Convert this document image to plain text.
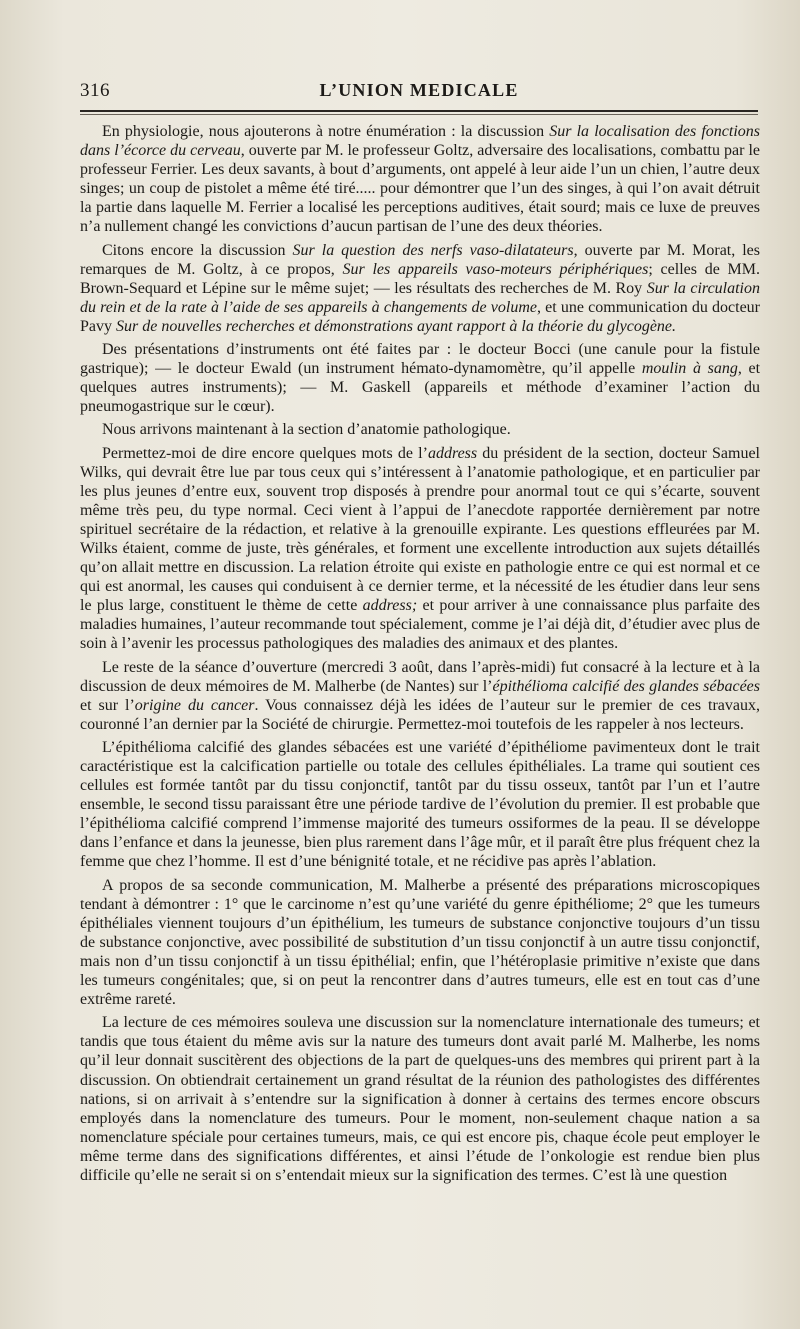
316	L’UNION MEDICALE

En physiologie, nous ajouterons à notre énumération : la discussion Sur la localisation des fonctions dans l’écorce du cerveau, ouverte par M. le professeur Goltz, adversaire des localisations, combattu par le professeur Ferrier. Les deux savants, à bout d’arguments, ont appelé à leur aide l’un un chien, l’autre deux singes; un coup de pistolet a même été tiré..... pour démontrer que l’un des singes, à qui l’on avait détruit la partie dans laquelle M. Ferrier a localisé les perceptions auditives, était sourd; mais ce luxe de preuves n’a nullement changé les convictions d’aucun partisan de l’une des deux théories.

Citons encore la discussion Sur la question des nerfs vaso-dilatateurs, ouverte par M. Morat, les remarques de M. Goltz, à ce propos, Sur les appareils vaso-moteurs périphériques; celles de MM. Brown-Sequard et Lépine sur le même sujet; — les résultats des recherches de M. Roy Sur la circulation du rein et de la rate à l’aide de ses appareils à changements de volume, et une communication du docteur Pavy Sur de nouvelles recherches et démonstrations ayant rapport à la théorie du glycogène.

Des présentations d’instruments ont été faites par : le docteur Bocci (une canule pour la fistule gastrique); — le docteur Ewald (un instrument hémato-dynamomètre, qu’il appelle moulin à sang, et quelques autres instruments); — M. Gaskell (appareils et méthode d’examiner l’action du pneumogastrique sur le cœur).

Nous arrivons maintenant à la section d’anatomie pathologique.

Permettez-moi de dire encore quelques mots de l’address du président de la section, docteur Samuel Wilks, qui devrait être lue par tous ceux qui s’intéressent à l’anatomie pathologique, et en particulier par les plus jeunes d’entre eux, souvent trop disposés à prendre pour anormal tout ce qui s’écarte, souvent même très peu, du type normal. Ceci vient à l’appui de l’anecdote rapportée dernièrement par notre spirituel secrétaire de la rédaction, et relative à la grenouille expirante. Les questions effleurées par M. Wilks étaient, comme de juste, très générales, et forment une excellente introduction aux sujets détaillés qu’on allait mettre en discussion. La relation étroite qui existe en pathologie entre ce qui est normal et ce qui est anormal, les causes qui conduisent à ce dernier terme, et la nécessité de les étudier dans leur sens le plus large, constituent le thème de cette address; et pour arriver à une connaissance plus parfaite des maladies humaines, l’auteur recommande tout spécialement, comme je l’ai déjà dit, d’étudier avec plus de soin à l’avenir les processus pathologiques des maladies des animaux et des plantes.

Le reste de la séance d’ouverture (mercredi 3 août, dans l’après-midi) fut consacré à la lecture et à la discussion de deux mémoires de M. Malherbe (de Nantes) sur l’épithélioma calcifié des glandes sébacées et sur l’origine du cancer. Vous connaissez déjà les idées de l’auteur sur le premier de ces travaux, couronné l’an dernier par la Société de chirurgie. Permettez-moi toutefois de les rappeler à nos lecteurs.

L’épithélioma calcifié des glandes sébacées est une variété d’épithéliome pavimenteux dont le trait caractéristique est la calcification partielle ou totale des cellules épithéliales. La trame qui soutient ces cellules est formée tantôt par du tissu conjonctif, tantôt par du tissu osseux, tantôt par l’un et l’autre ensemble, le second tissu paraissant être une période tardive de l’évolution du premier. Il est probable que l’épithélioma calcifié comprend l’immense majorité des tumeurs ossiformes de la peau. Il se développe dans l’enfance et dans la jeunesse, bien plus rarement dans l’âge mûr, et il paraît être plus fréquent chez la femme que chez l’homme. Il est d’une bénignité totale, et ne récidive pas après l’ablation.

A propos de sa seconde communication, M. Malherbe a présenté des préparations microscopiques tendant à démontrer : 1° que le carcinome n’est qu’une variété du genre épithéliome; 2° que les tumeurs épithéliales viennent toujours d’un épithélium, les tumeurs de substance conjonctive toujours d’un tissu de substance conjonctive, avec possibilité de substitution d’un tissu conjonctif à un autre tissu conjonctif, mais non d’un tissu conjonctif à un tissu épithélial; enfin, que l’hétéroplasie primitive n’existe que dans les tumeurs congénitales; que, si on peut la rencontrer dans d’autres tumeurs, elle est en tout cas d’une extrême rareté.

La lecture de ces mémoires souleva une discussion sur la nomenclature internationale des tumeurs; et tandis que tous étaient du même avis sur la nature des tumeurs dont avait parlé M. Malherbe, les noms qu’il leur donnait suscitèrent des objections de la part de quelques-uns des membres qui prirent part à la discussion. On obtiendrait certainement un grand résultat de la réunion des pathologistes des différentes nations, si on arrivait à s’entendre sur la signification à donner à certains des termes encore obscurs employés dans la nomenclature des tumeurs. Pour le moment, non-seulement chaque nation a sa nomenclature spéciale pour certaines tumeurs, mais, ce qui est encore pis, chaque école peut employer le même terme dans des significations différentes, et ainsi l’étude de l’onkologie est rendue bien plus difficile qu’elle ne serait si on s’entendait mieux sur la signification des termes. C’est là une question
